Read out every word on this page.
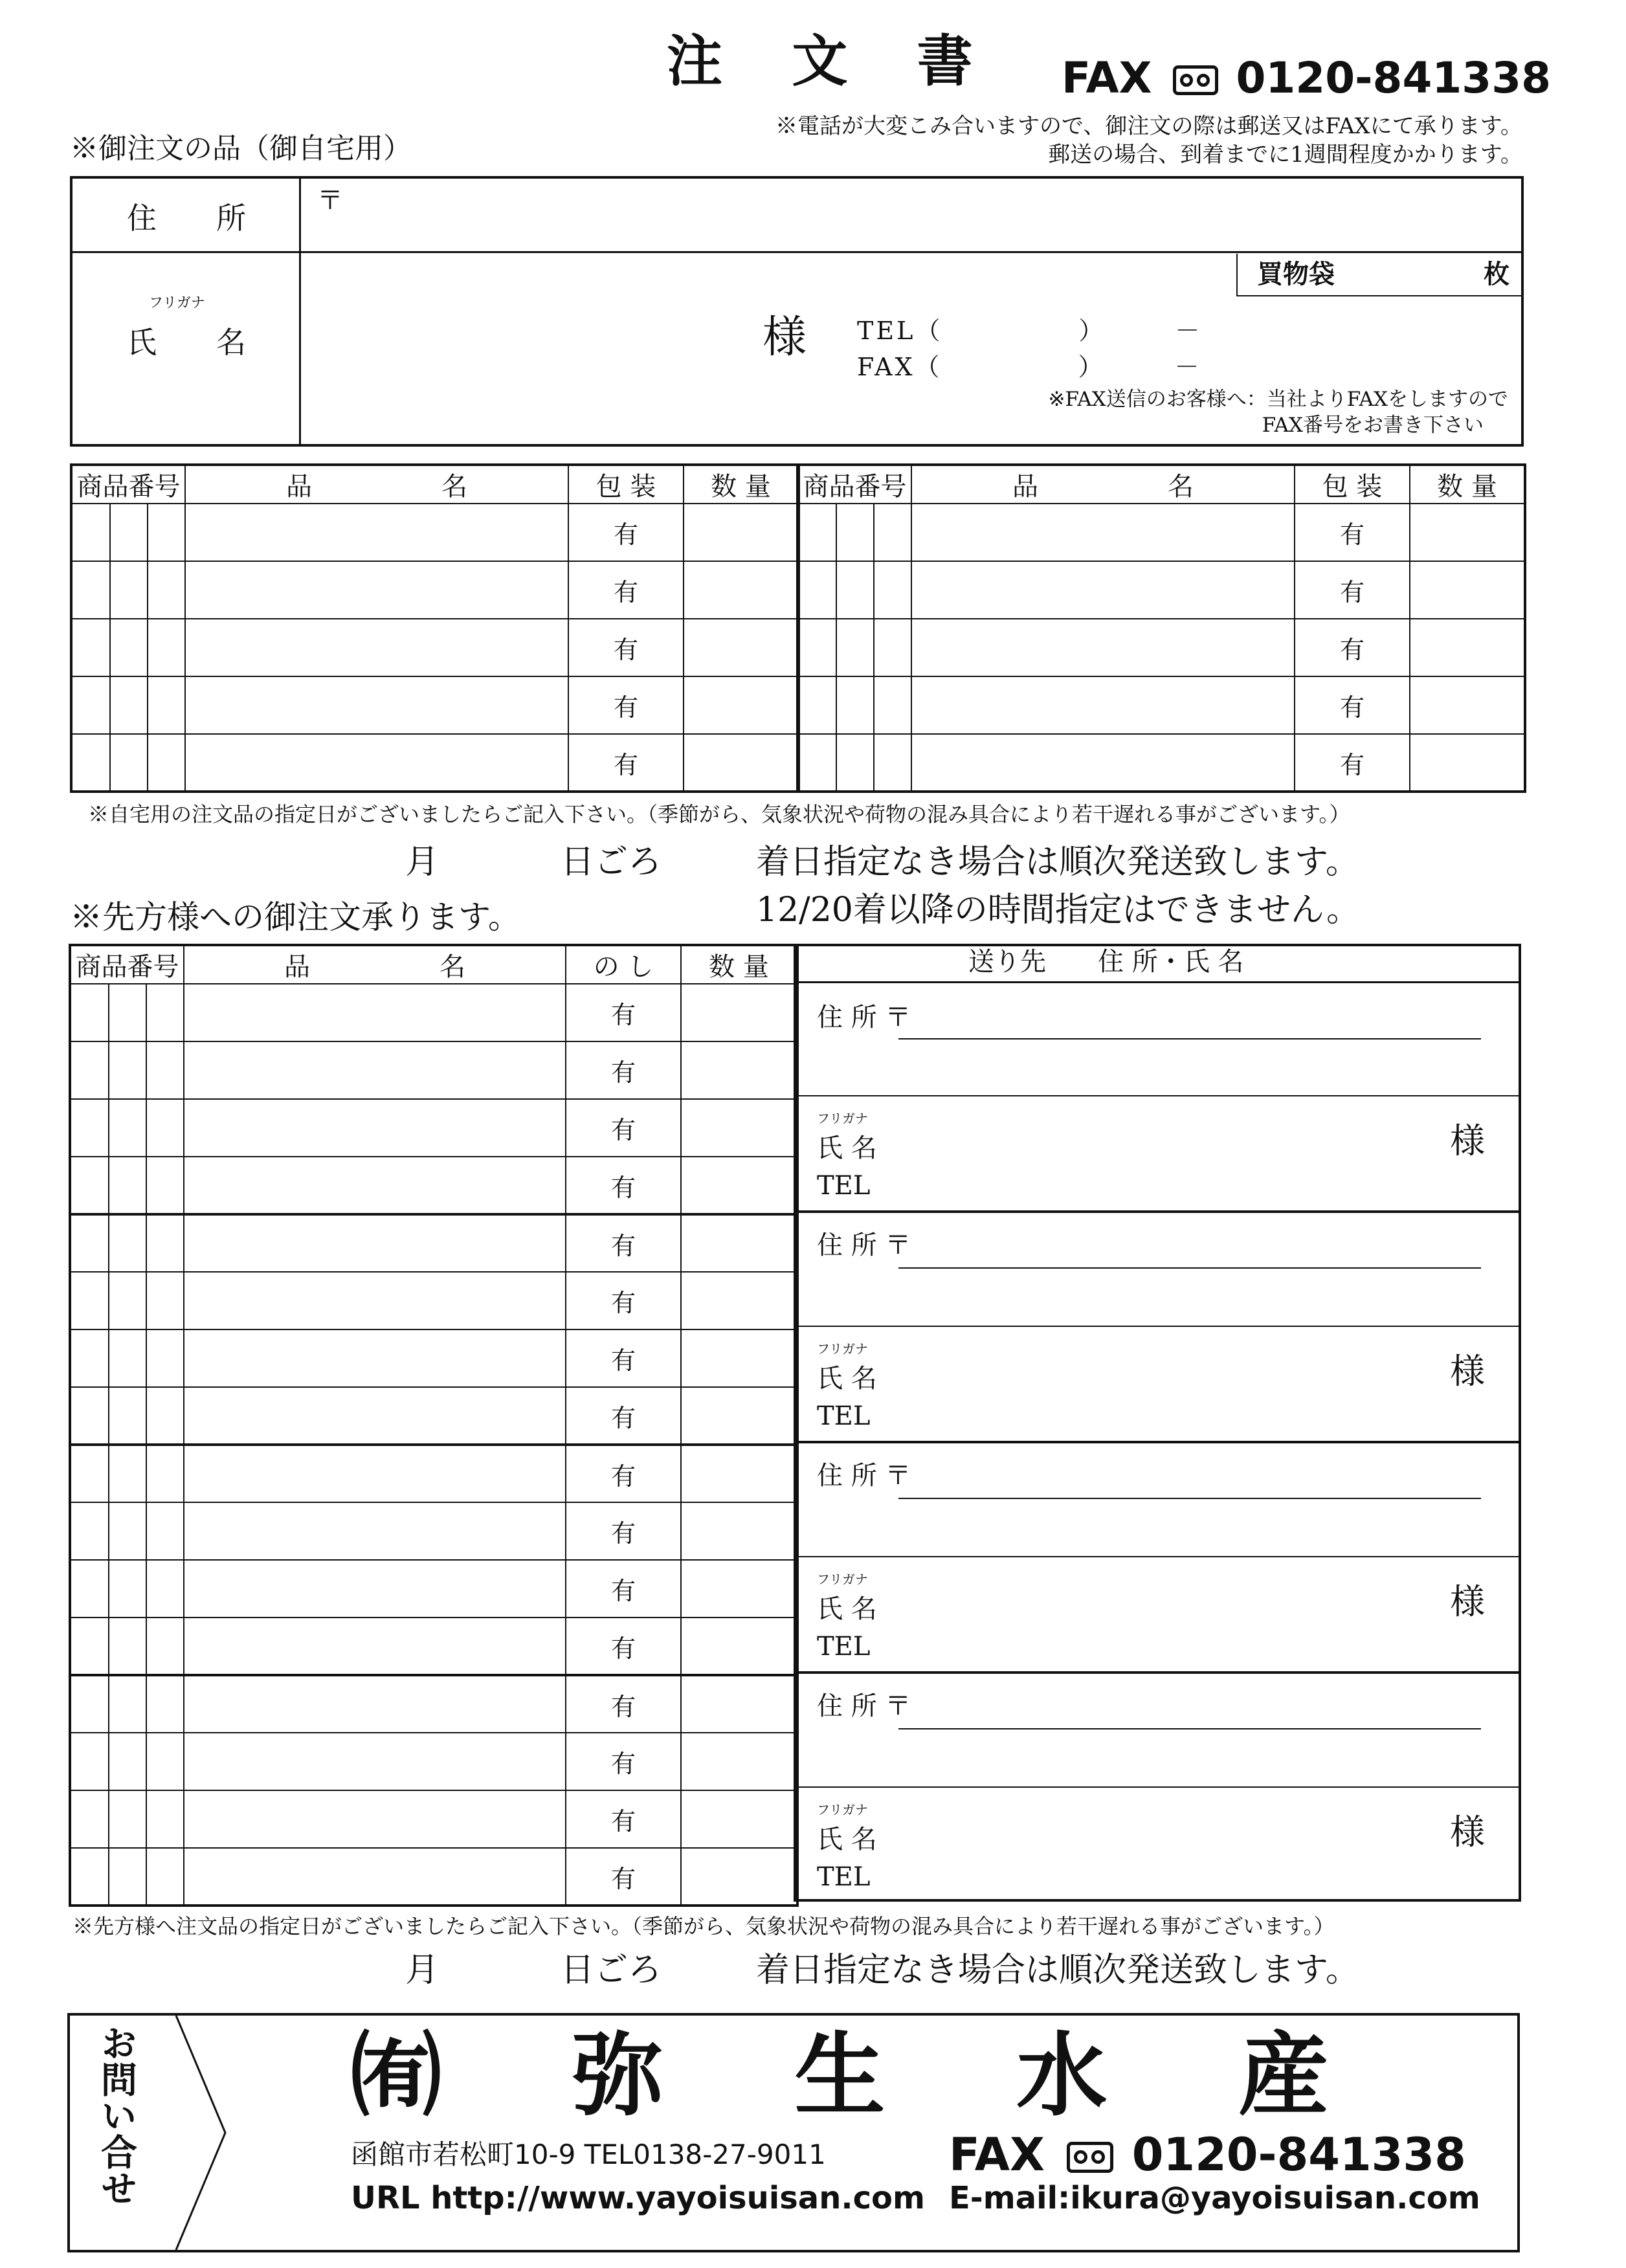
注 文 書 FAX 0120-841338
※電話が大変こみ合いますので、御注文の際は郵送又はFAXにて承ります。
郵送の場合、到着までに1週間程度かかります。
※御注文の品（御自宅用）
住　　所	〒
フリガナ
氏　　名	様 TEL（　　　　　）　　　－
FAX（　　　　　）　　　－
買物袋	枚
※FAX送信のお客様へ：当社よりFAXをしますので
FAX番号をお書き下さい
商品番号			品　　　　　名	包 装	数 量
				有	
				有	
				有	
				有	
				有	
商品番号			品　　　　　名	包 装	数 量
				有	
				有	
				有	
				有	
				有	
※自宅用の注文品の指定日がございましたらご記入下さい。（季節がら、気象状況や荷物の混み具合により若干遅れる事がございます。）
月	日ごろ	着日指定なき場合は順次発送致します。
※先方様への御注文承ります。	12/20着以降の時間指定はできません。
商品番号			品　　　　　名	の し	数 量
				有	
				有	
				有	
				有	
				有	
				有	
				有	
				有	
				有	
				有	
				有	
				有	
				有	
				有	
				有	
				有	
送り先　　住 所・氏 名
住 所 〒
フリガナ
氏 名	様
TEL
住 所 〒
フリガナ
氏 名	様
TEL
住 所 〒
フリガナ
氏 名	様
TEL
住 所 〒
フリガナ
氏 名	様
TEL
※先方様へ注文品の指定日がございましたらご記入下さい。（季節がら、気象状況や荷物の混み具合により若干遅れる事がございます。）
月	日ごろ	着日指定なき場合は順次発送致します。
お問い合せ ㈲ 弥 生 水 産
函館市若松町10-9 TEL0138-27-9011	FAX 0120-841338
URL http://www.yayoisuisan.com E-mail:ikura@yayoisuisan.com
